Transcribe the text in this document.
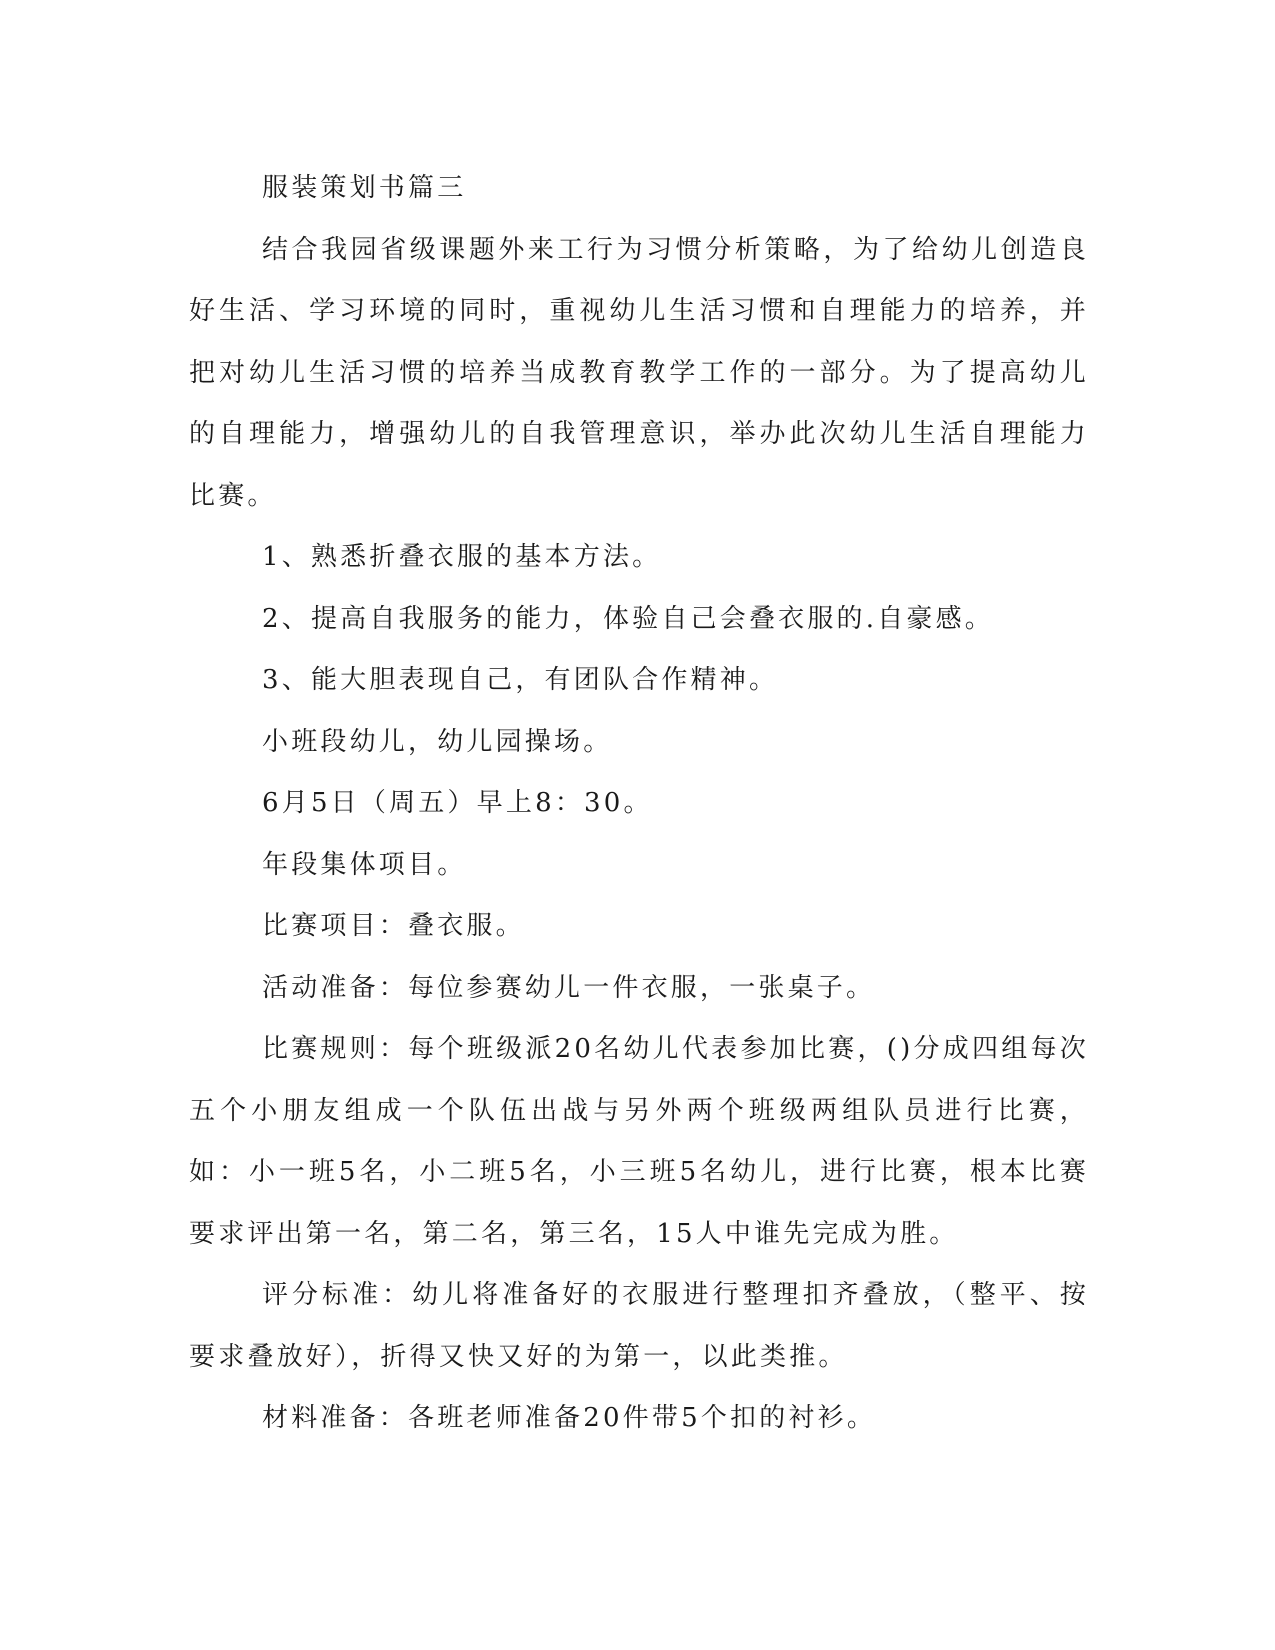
服装策划书篇三

结合我园省级课题外来工行为习惯分析策略，为了给幼儿创造良好生活、学习环境的同时，重视幼儿生活习惯和自理能力的培养，并把对幼儿生活习惯的培养当成教育教学工作的一部分。为了提高幼儿的自理能力，增强幼儿的自我管理意识，举办此次幼儿生活自理能力比赛。

1、熟悉折叠衣服的基本方法。

2、提高自我服务的能力，体验自己会叠衣服的.自豪感。

3、能大胆表现自己，有团队合作精神。

小班段幼儿，幼儿园操场。

6月5日（周五）早上8：30。

年段集体项目。

比赛项目：叠衣服。

活动准备：每位参赛幼儿一件衣服，一张桌子。

比赛规则：每个班级派20名幼儿代表参加比赛，()分成四组每次五个小朋友组成一个队伍出战与另外两个班级两组队员进行比赛，如：小一班5名，小二班5名，小三班5名幼儿，进行比赛，根本比赛要求评出第一名，第二名，第三名，15人中谁先完成为胜。

评分标准：幼儿将准备好的衣服进行整理扣齐叠放，（整平、按要求叠放好），折得又快又好的为第一，以此类推。

材料准备：各班老师准备20件带5个扣的衬衫。
